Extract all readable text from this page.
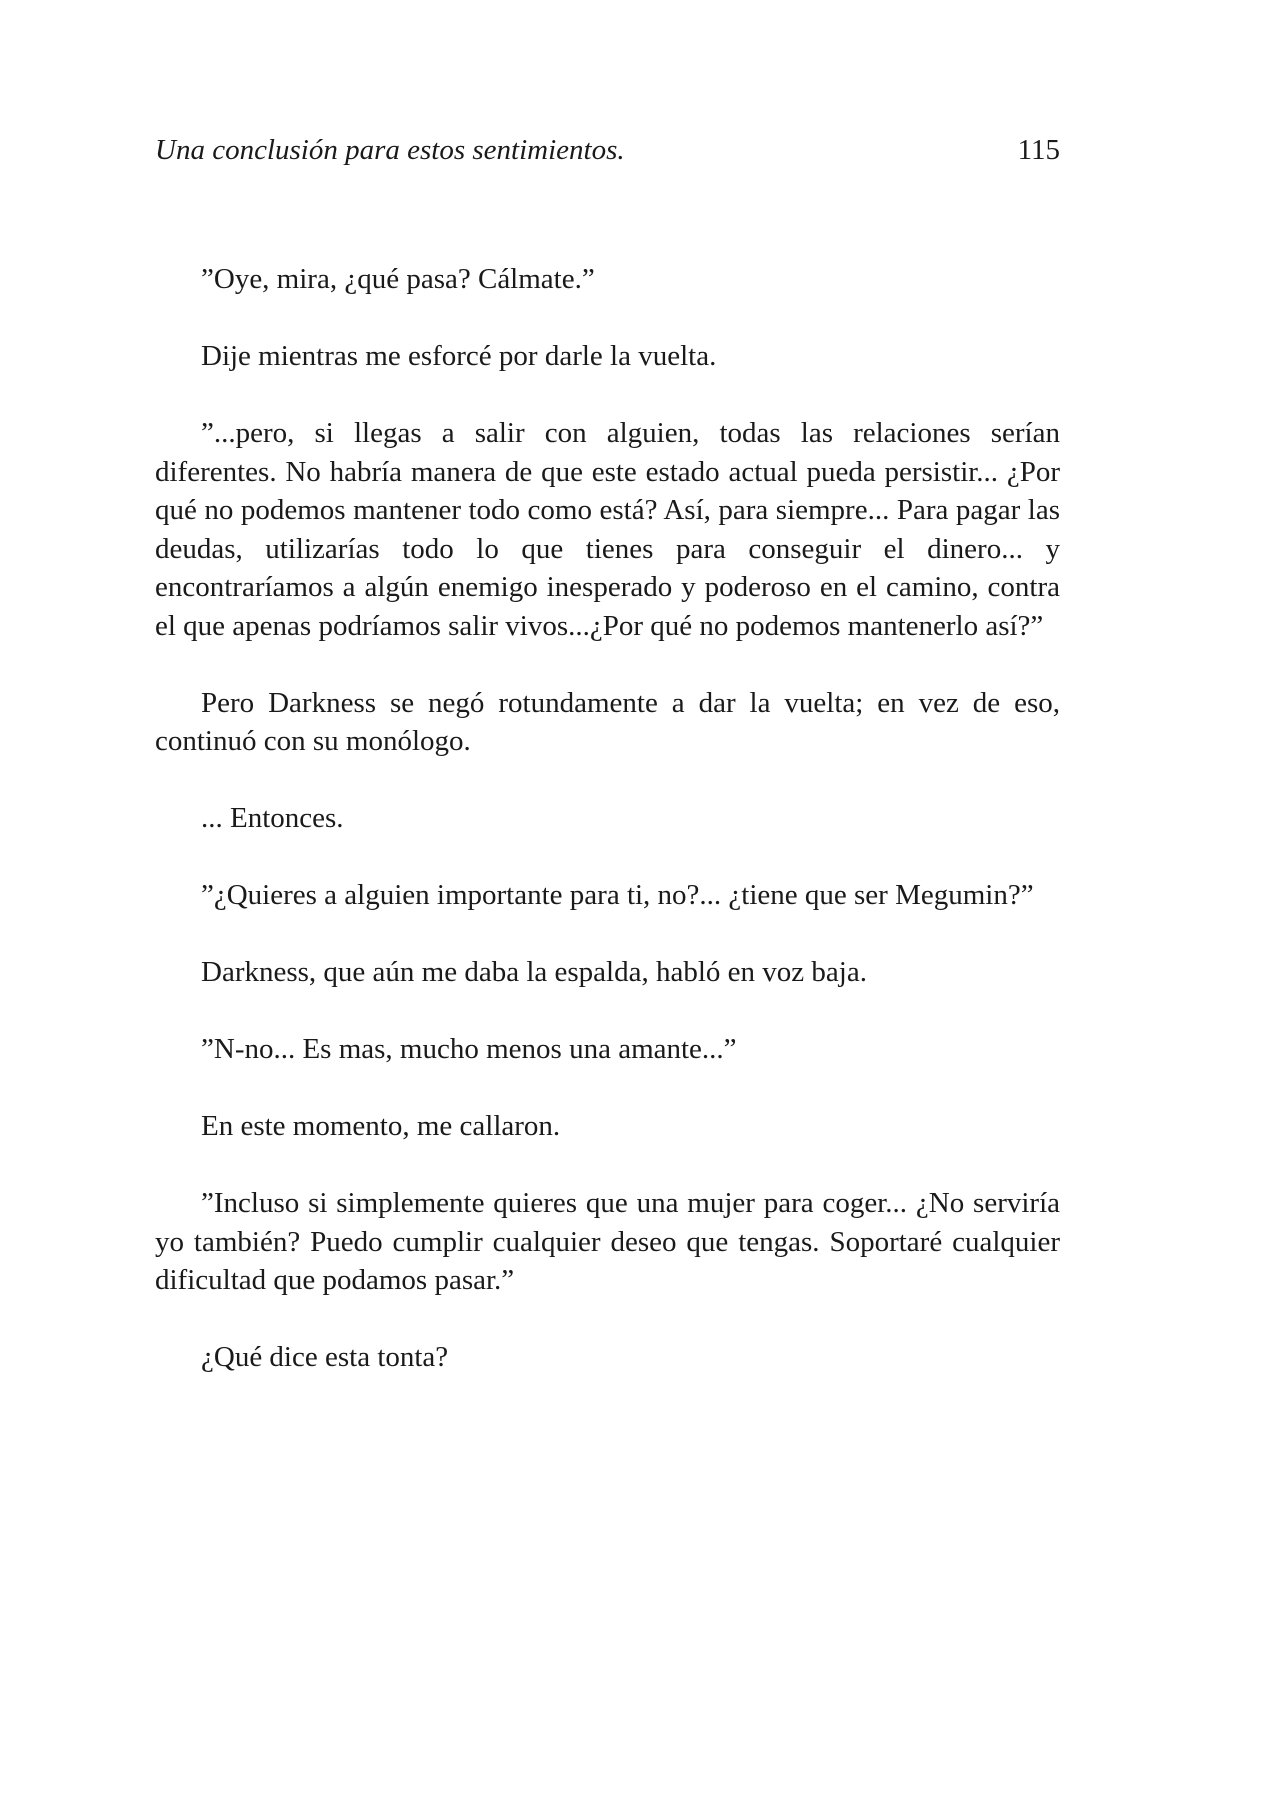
Una conclusión para estos sentimientos.	115

”Oye, mira, ¿qué pasa? Cálmate.”

Dije mientras me esforcé por darle la vuelta.

”...pero, si llegas a salir con alguien, todas las relaciones serían diferentes. No habría manera de que este estado actual pueda persistir... ¿Por qué no podemos mantener todo como está? Así, para siempre... Para pagar las deudas, utilizarías todo lo que tienes para conseguir el dinero... y encontraríamos a algún enemigo inesperado y poderoso en el camino, contra el que apenas podríamos salir vivos...¿Por qué no podemos mantenerlo así?”

Pero Darkness se negó rotundamente a dar la vuelta; en vez de eso, continuó con su monólogo.

... Entonces.

”¿Quieres a alguien importante para ti, no?... ¿tiene que ser Megumin?”

Darkness, que aún me daba la espalda, habló en voz baja.

”N-no... Es mas, mucho menos una amante...”

En este momento, me callaron.

”Incluso si simplemente quieres que una mujer para coger... ¿No serviría yo también? Puedo cumplir cualquier deseo que tengas. Soportaré cualquier dificultad que podamos pasar.”

¿Qué dice esta tonta?
